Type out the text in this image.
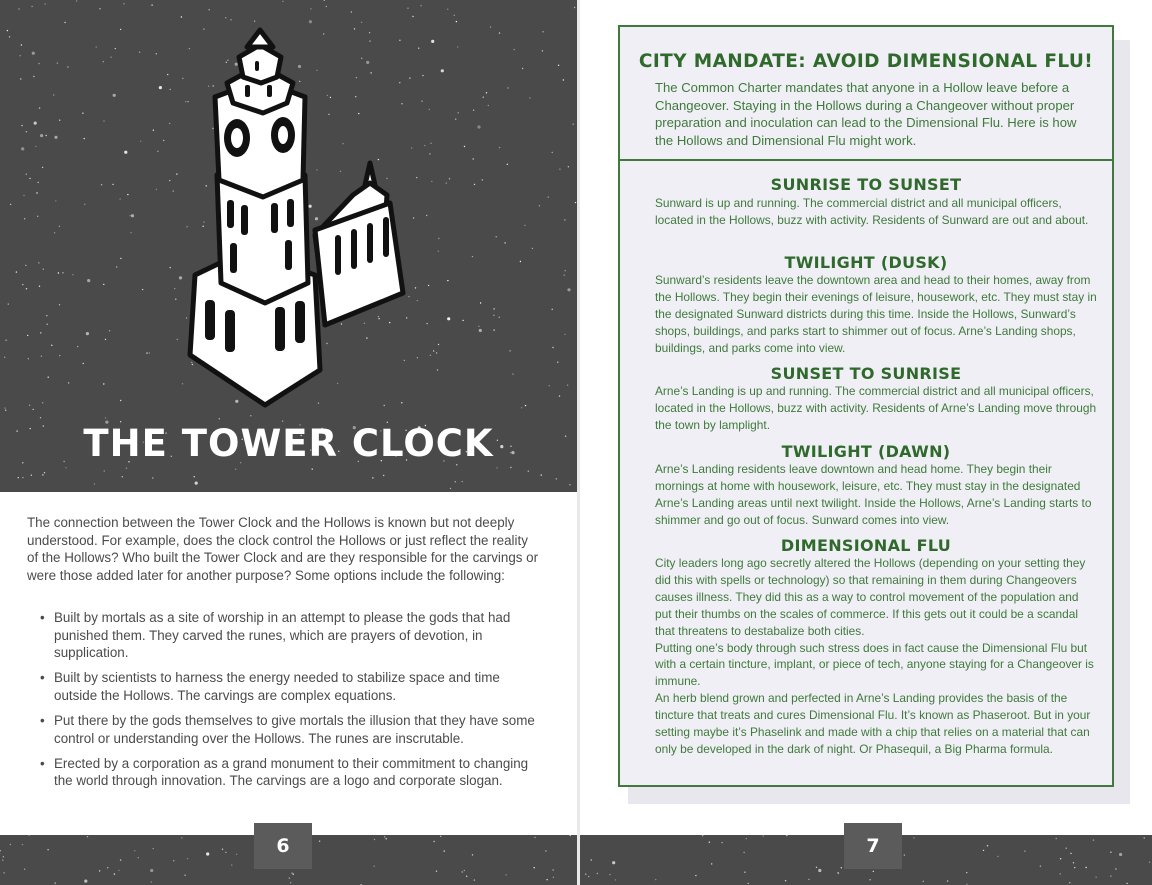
THE TOWER CLOCK

The connection between the Tower Clock and the Hollows is known but not deeply understood. For example, does the clock control the Hollows or just reflect the reality of the Hollows? Who built the Tower Clock and are they responsible for the carvings or were those added later for another purpose? Some options include the following:

• Built by mortals as a site of worship in an attempt to please the gods that had punished them. They carved the runes, which are prayers of devotion, in supplication.
• Built by scientists to harness the energy needed to stabilize space and time outside the Hollows. The carvings are complex equations.
• Put there by the gods themselves to give mortals the illusion that they have some control or understanding over the Hollows. The runes are inscrutable.
• Erected by a corporation as a grand monument to their commitment to changing the world through innovation. The carvings are a logo and corporate slogan.
6
CITY MANDATE: AVOID DIMENSIONAL FLU!

The Common Charter mandates that anyone in a Hollow leave before a Changeover. Staying in the Hollows during a Changeover without proper preparation and inoculation can lead to the Dimensional Flu. Here is how the Hollows and Dimensional Flu might work.

SUNRISE TO SUNSET

Sunward is up and running. The commercial district and all municipal officers, located in the Hollows, buzz with activity. Residents of Sunward are out and about.

TWILIGHT (DUSK)

Sunward’s residents leave the downtown area and head to their homes, away from the Hollows. They begin their evenings of leisure, housework, etc. They must stay in the designated Sunward districts during this time. Inside the Hollows, Sunward’s shops, buildings, and parks start to shimmer out of focus. Arne’s Landing shops, buildings, and parks come into view.

SUNSET TO SUNRISE

Arne’s Landing is up and running. The commercial district and all municipal officers, located in the Hollows, buzz with activity. Residents of Arne’s Landing move through the town by lamplight.

TWILIGHT (DAWN)

Arne’s Landing residents leave downtown and head home. They begin their mornings at home with housework, leisure, etc. They must stay in the designated Arne’s Landing areas until next twilight. Inside the Hollows, Arne’s Landing starts to shimmer and go out of focus. Sunward comes into view.

DIMENSIONAL FLU

City leaders long ago secretly altered the Hollows (depending on your setting they did this with spells or technology) so that remaining in them during Changeovers causes illness. They did this as a way to control movement of the population and put their thumbs on the scales of commerce. If this gets out it could be a scandal that threatens to destabalize both cities.
Putting one’s body through such stress does in fact cause the Dimensional Flu but with a certain tincture, implant, or piece of tech, anyone staying for a Changeover is immune.
An herb blend grown and perfected in Arne’s Landing provides the basis of the tincture that treats and cures Dimensional Flu. It’s known as Phaseroot. But in your setting maybe it’s Phaselink and made with a chip that relies on a material that can only be developed in the dark of night. Or Phasequil, a Big Pharma formula.

7
